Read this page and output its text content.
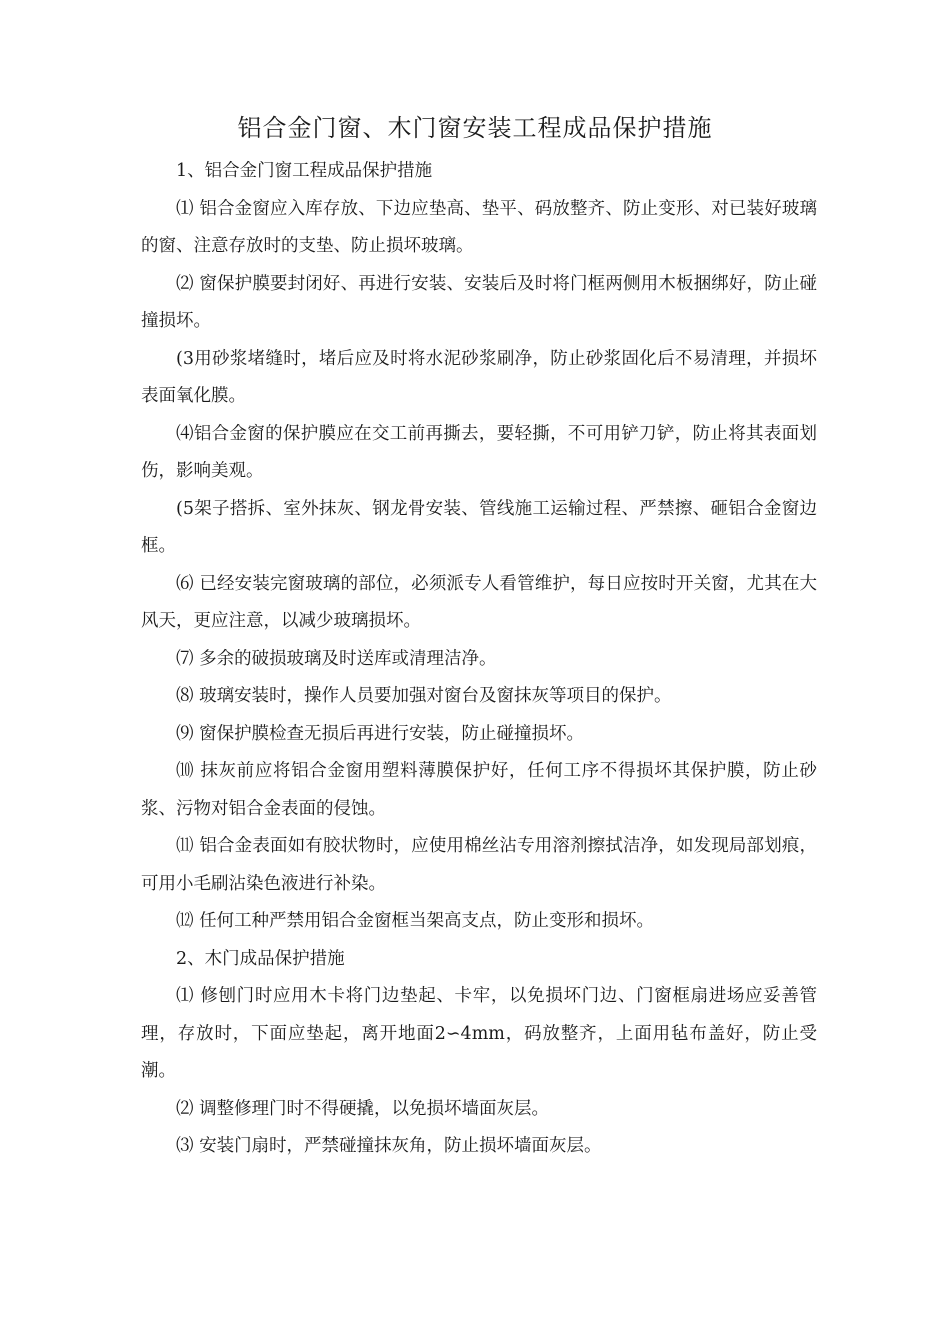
铝合金门窗、木门窗安装工程成品保护措施

1、铝合金门窗工程成品保护措施

⑴ 铝合金窗应入库存放、下边应垫高、垫平、码放整齐、防止变形、对已装好玻璃的窗、注意存放时的支垫、防止损坏玻璃。

⑵ 窗保护膜要封闭好、再进行安装、安装后及时将门框两侧用木板捆绑好，防止碰撞损坏。

(3用砂浆堵缝时，堵后应及时将水泥砂浆刷净，防止砂浆固化后不易清理，并损坏表面氧化膜。

⑷铝合金窗的保护膜应在交工前再撕去，要轻撕，不可用铲刀铲，防止将其表面划伤，影响美观。

(5架子搭拆、室外抹灰、钢龙骨安装、管线施工运输过程、严禁擦、砸铝合金窗边框。

⑹ 已经安装完窗玻璃的部位，必须派专人看管维护，每日应按时开关窗，尤其在大风天，更应注意，以减少玻璃损坏。

⑺ 多余的破损玻璃及时送库或清理洁净。

⑻ 玻璃安装时，操作人员要加强对窗台及窗抹灰等项目的保护。

⑼ 窗保护膜检查无损后再进行安装，防止碰撞损坏。

⑽ 抹灰前应将铝合金窗用塑料薄膜保护好，任何工序不得损坏其保护膜，防止砂浆、污物对铝合金表面的侵蚀。

⑾ 铝合金表面如有胶状物时，应使用棉丝沾专用溶剂擦拭洁净，如发现局部划痕，可用小毛刷沾染色液进行补染。

⑿ 任何工种严禁用铝合金窗框当架高支点，防止变形和损坏。

2、木门成品保护措施

⑴ 修刨门时应用木卡将门边垫起、卡牢，以免损坏门边、门窗框扇进场应妥善管理，存放时，下面应垫起，离开地面2∽4mm，码放整齐，上面用毡布盖好，防止受潮。

⑵ 调整修理门时不得硬撬，以免损坏墙面灰层。

⑶ 安装门扇时，严禁碰撞抹灰角，防止损坏墙面灰层。
